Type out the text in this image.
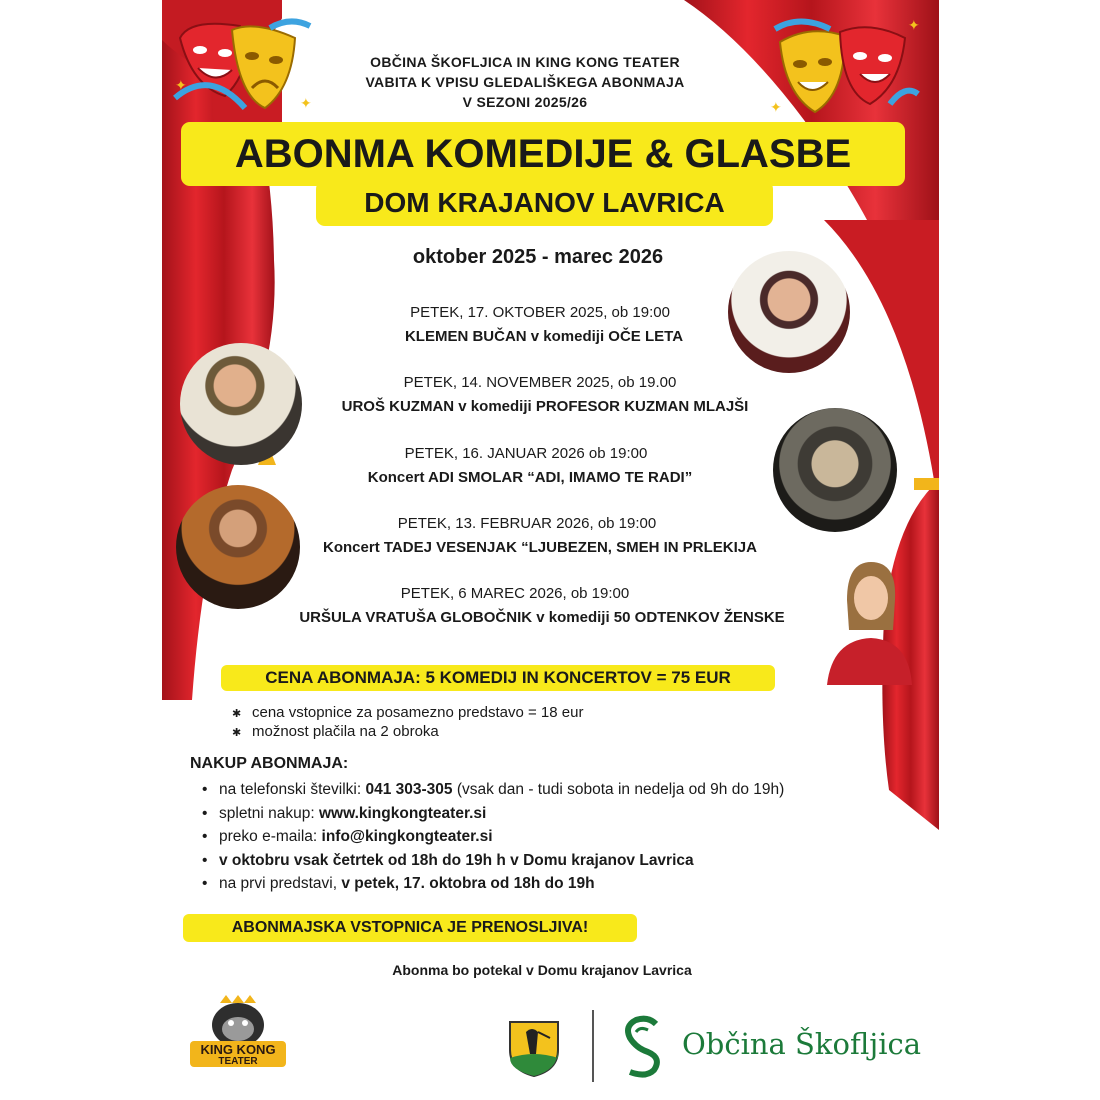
✦
✦	✦
✦
KING KONG
TEATER
OBČINA ŠKOFLJICA IN KING KONG TEATER
VABITA K VPISU GLEDALIŠKEGA ABONMAJA
V SEZONI 2025/26
ABONMA KOMEDIJE & GLASBE
DOM KRAJANOV LAVRICA
oktober 2025 - marec 2026
PETEK, 17. OKTOBER 2025, ob 19:00
KLEMEN BUČAN v komediji OČE LETA
PETEK, 14. NOVEMBER 2025, ob 19.00
UROŠ KUZMAN v komediji PROFESOR KUZMAN MLAJŠI
PETEK, 16. JANUAR 2026 ob 19:00
Koncert ADI SMOLAR “ADI, IMAMO TE RADI”
PETEK, 13. FEBRUAR 2026, ob 19:00
Koncert TADEJ VESENJAK “LJUBEZEN, SMEH IN PRLEKIJA
PETEK, 6 MAREC 2026, ob 19:00
URŠULA VRATUŠA GLOBOČNIK v komediji 50 ODTENKOV ŽENSKE
CENA ABONMAJA: 5 KOMEDIJ IN KONCERTOV = 75 EUR
✱ cena vstopnice za posamezno predstavo = 18 eur
✱ možnost plačila na 2 obroka
NAKUP ABONMAJA:
• na telefonski številki: 041 303-305 (vsak dan - tudi sobota in nedelja od 9h do 19h)
• spletni nakup: www.kingkongteater.si
• preko e-maila: info@kingkongteater.si
• v oktobru vsak četrtek od 18h do 19h h v Domu krajanov Lavrica
• na prvi predstavi, v petek, 17. oktobra od 18h do 19h
ABONMAJSKA VSTOPNICA JE PRENOSLJIVA!
Abonma bo potekal v Domu krajanov Lavrica
Občina Škofljica
